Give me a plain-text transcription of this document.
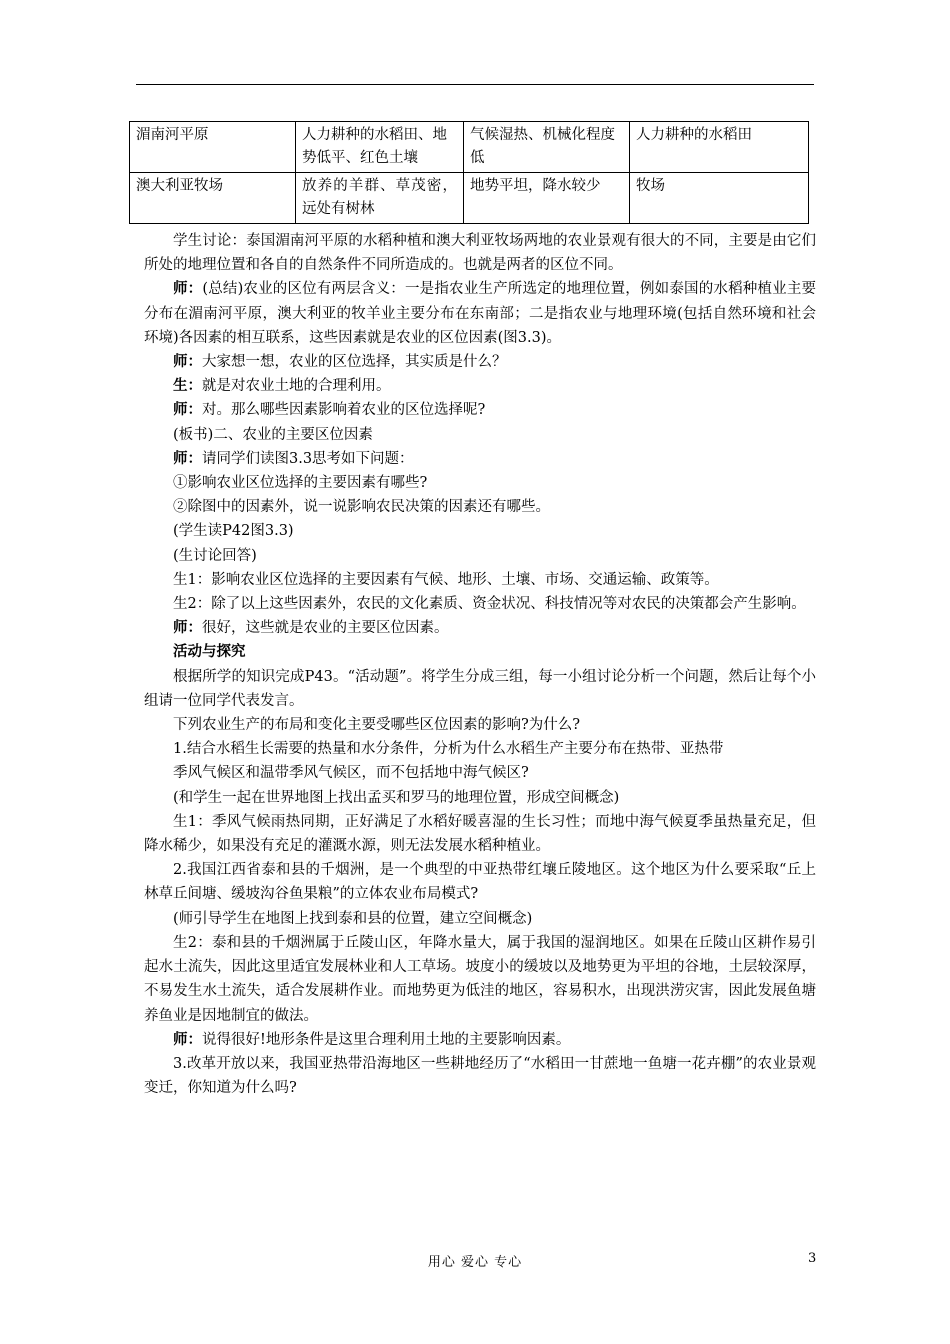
湄南河平原	人力耕种的水稻田、地势低平、红色土壤	气候湿热、机械化程度低	人力耕种的水稻田
澳大利亚牧场	放养的羊群、草茂密，远处有树林	地势平坦，降水较少	牧场

学生讨论：泰国湄南河平原的水稻种植和澳大利亚牧场两地的农业景观有很大的不同，主要是由它们所处的地理位置和各自的自然条件不同所造成的。也就是两者的区位不同。

师：(总结)农业的区位有两层含义：一是指农业生产所选定的地理位置，例如泰国的水稻种植业主要分布在湄南河平原，澳大利亚的牧羊业主要分布在东南部；二是指农业与地理环境(包括自然环境和社会环境)各因素的相互联系，这些因素就是农业的区位因素(图3.3)。

师：大家想一想，农业的区位选择，其实质是什么？

生：就是对农业土地的合理利用。

师：对。那么哪些因素影响着农业的区位选择呢?

(板书)二、农业的主要区位因素

师：请同学们读图3.3思考如下问题：

①影响农业区位选择的主要因素有哪些?

②除图中的因素外，说一说影响农民决策的因素还有哪些。

(学生读P42图3.3)

(生讨论回答)

生1：影响农业区位选择的主要因素有气候、地形、土壤、市场、交通运输、政策等。

生2：除了以上这些因素外，农民的文化素质、资金状况、科技情况等对农民的决策都会产生影响。

师：很好，这些就是农业的主要区位因素。

活动与探究

根据所学的知识完成P43。“活动题”。将学生分成三组，每一小组讨论分析一个问题，然后让每个小组请一位同学代表发言。

下列农业生产的布局和变化主要受哪些区位因素的影响?为什么?

1.结合水稻生长需要的热量和水分条件，分析为什么水稻生产主要分布在热带、亚热带

季风气候区和温带季风气候区，而不包括地中海气候区?

(和学生一起在世界地图上找出孟买和罗马的地理位置，形成空间概念)

生1：季风气候雨热同期，正好满足了水稻好暖喜湿的生长习性；而地中海气候夏季虽热量充足，但降水稀少，如果没有充足的灌溉水源，则无法发展水稻种植业。

2.我国江西省泰和县的千烟洲，是一个典型的中亚热带红壤丘陵地区。这个地区为什么要采取“丘上林草丘间塘、缓坡沟谷鱼果粮”的立体农业布局模式?

(师引导学生在地图上找到泰和县的位置，建立空间概念)

生2：泰和县的千烟洲属于丘陵山区，年降水量大，属于我国的湿润地区。如果在丘陵山区耕作易引起水土流失，因此这里适宜发展林业和人工草场。坡度小的缓坡以及地势更为平坦的谷地，土层较深厚，不易发生水土流失，适合发展耕作业。而地势更为低洼的地区，容易积水，出现洪涝灾害，因此发展鱼塘养鱼业是因地制宜的做法。

师：说得很好!地形条件是这里合理利用土地的主要影响因素。

3.改革开放以来，我国亚热带沿海地区一些耕地经历了“水稻田一甘蔗地一鱼塘一花卉棚”的农业景观变迁，你知道为什么吗?

用心 爱心 专心	3
